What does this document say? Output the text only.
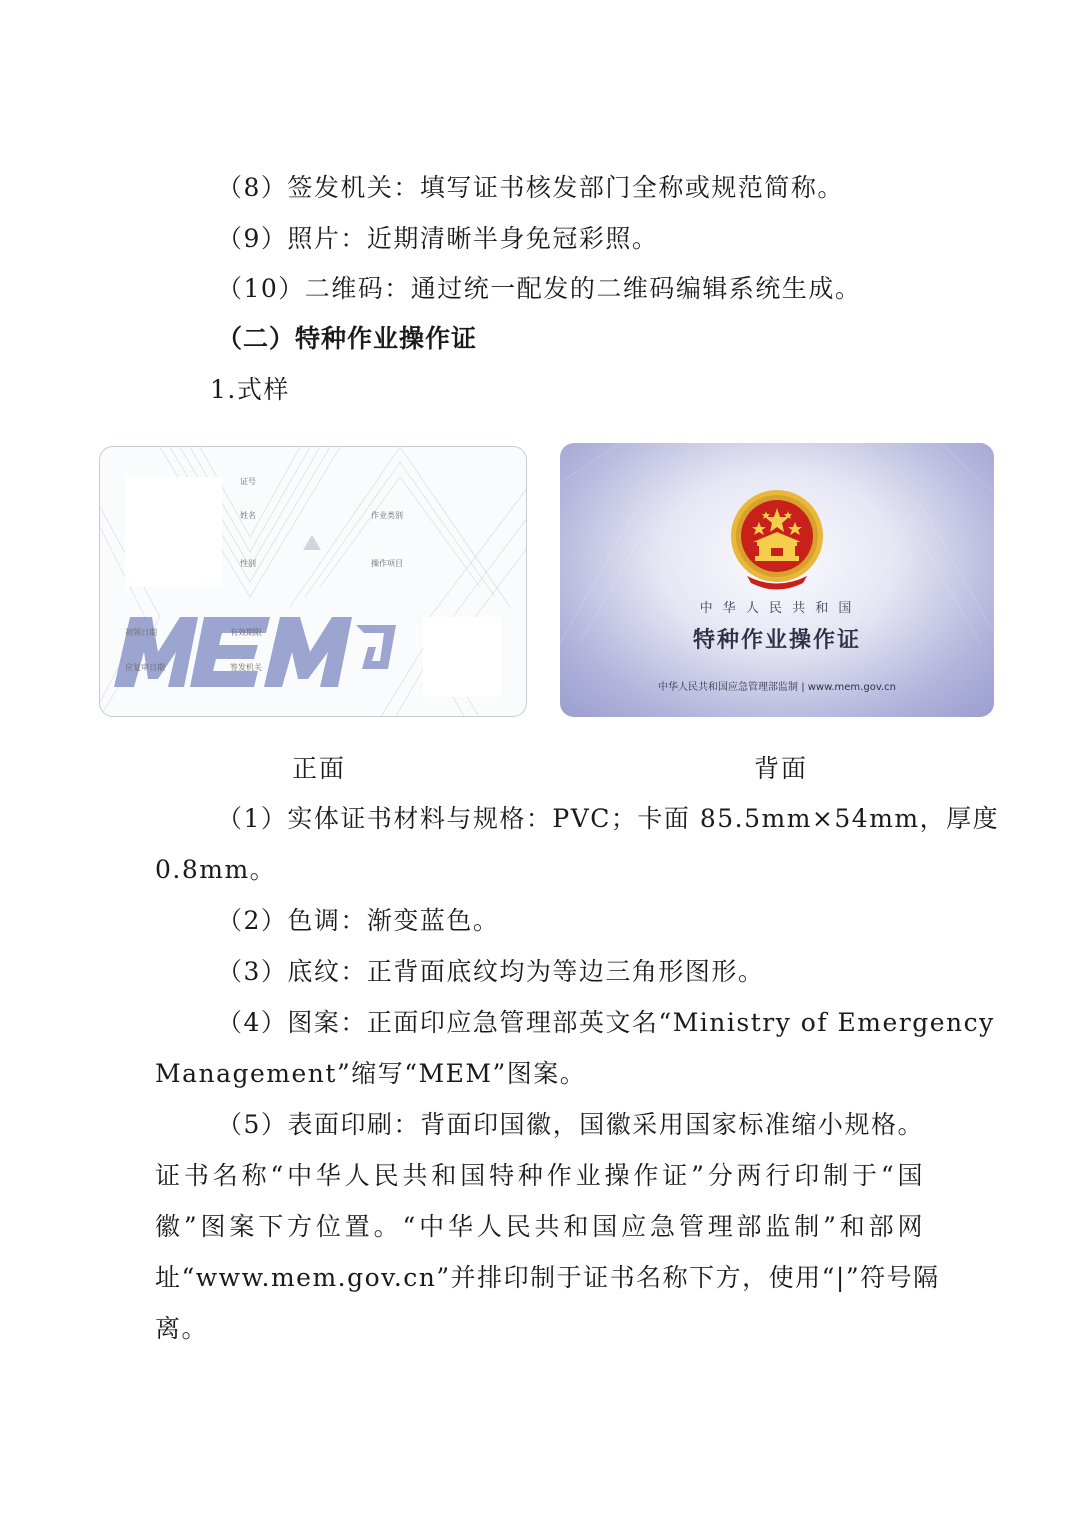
（8）签发机关：填写证书核发部门全称或规范简称。
（9）照片：近期清晰半身免冠彩照。
（10）二维码：通过统一配发的二维码编辑系统生成。
（二）特种作业操作证
1.式样
证号
姓名	作业类别
性别	操作项目
初领日期	有效期限
应复审日期	签发机关
中 华 人 民 共 和 国
特种作业操作证
中华人民共和国应急管理部监制 | www.mem.gov.cn
正面	背面
（1）实体证书材料与规格：PVC；卡面 85.5mm×54mm，厚度
0.8mm。
（2）色调：渐变蓝色。
（3）底纹：正背面底纹均为等边三角形图形。
（4）图案：正面印应急管理部英文名“Ministry of Emergency
Management”缩写“MEM”图案。
（5）表面印刷：背面印国徽，国徽采用国家标准缩小规格。
证书名称“中华人民共和国特种作业操作证”分两行印制于“国
徽”图案下方位置。“中华人民共和国应急管理部监制”和部网
址“www.mem.gov.cn”并排印制于证书名称下方，使用“|”符号隔
离。
